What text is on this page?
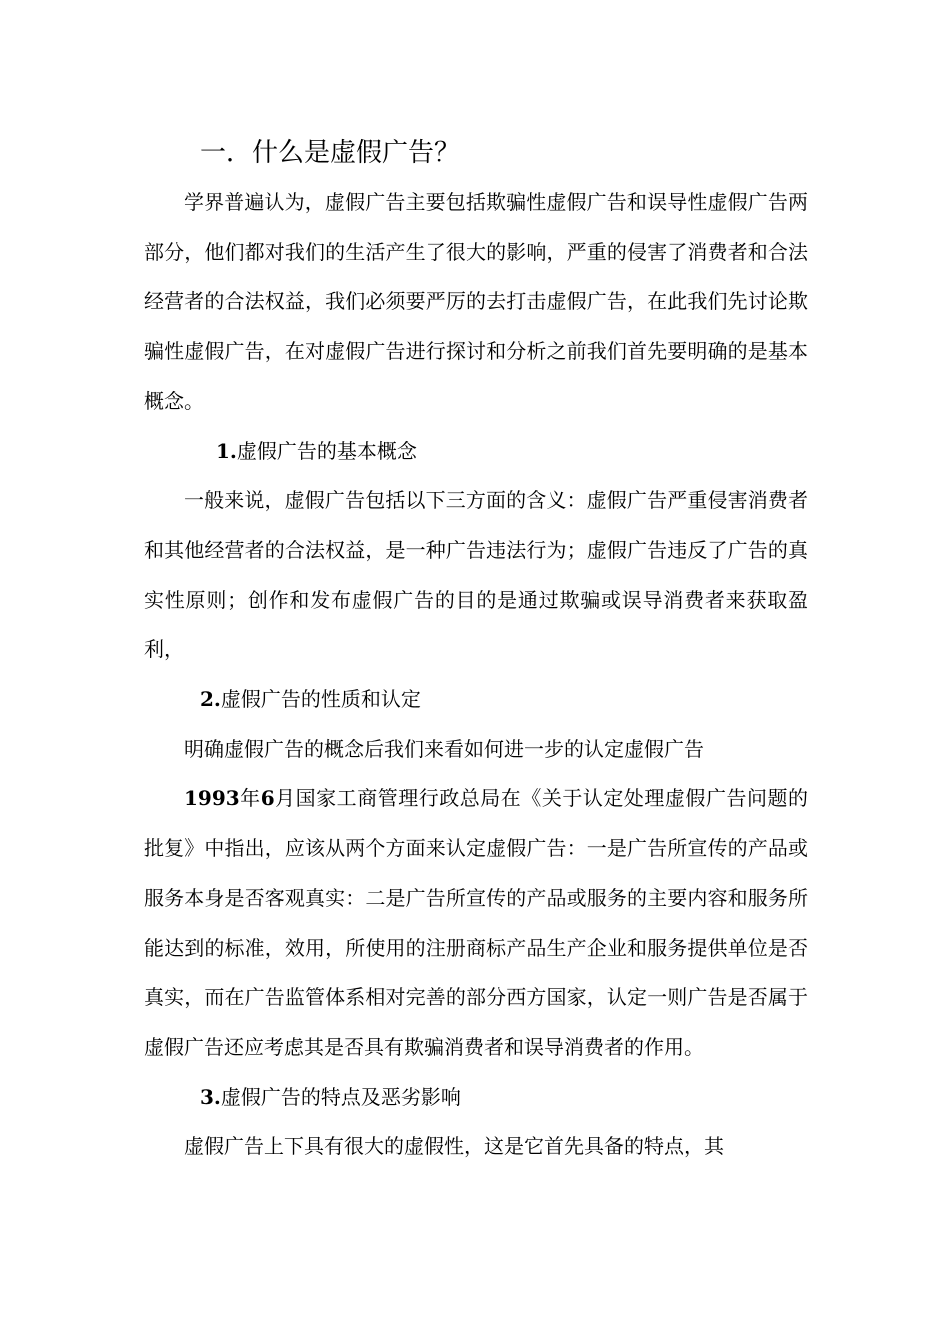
一．什么是虚假广告？

学界普遍认为，虚假广告主要包括欺骗性虚假广告和误导性虚假广告两部分，他们都对我们的生活产生了很大的影响，严重的侵害了消费者和合法经营者的合法权益，我们必须要严厉的去打击虚假广告，在此我们先讨论欺骗性虚假广告，在对虚假广告进行探讨和分析之前我们首先要明确的是基本概念。

1.虚假广告的基本概念

一般来说，虚假广告包括以下三方面的含义：虚假广告严重侵害消费者和其他经营者的合法权益，是一种广告违法行为；虚假广告违反了广告的真实性原则；创作和发布虚假广告的目的是通过欺骗或误导消费者来获取盈利，

2.虚假广告的性质和认定

明确虚假广告的概念后我们来看如何进一步的认定虚假广告

1993年6月国家工商管理行政总局在《关于认定处理虚假广告问题的批复》中指出，应该从两个方面来认定虚假广告：一是广告所宣传的产品或服务本身是否客观真实：二是广告所宣传的产品或服务的主要内容和服务所能达到的标准，效用，所使用的注册商标产品生产企业和服务提供单位是否真实，而在广告监管体系相对完善的部分西方国家，认定一则广告是否属于虚假广告还应考虑其是否具有欺骗消费者和误导消费者的作用。

3.虚假广告的特点及恶劣影响

虚假广告上下具有很大的虚假性，这是它首先具备的特点，其
